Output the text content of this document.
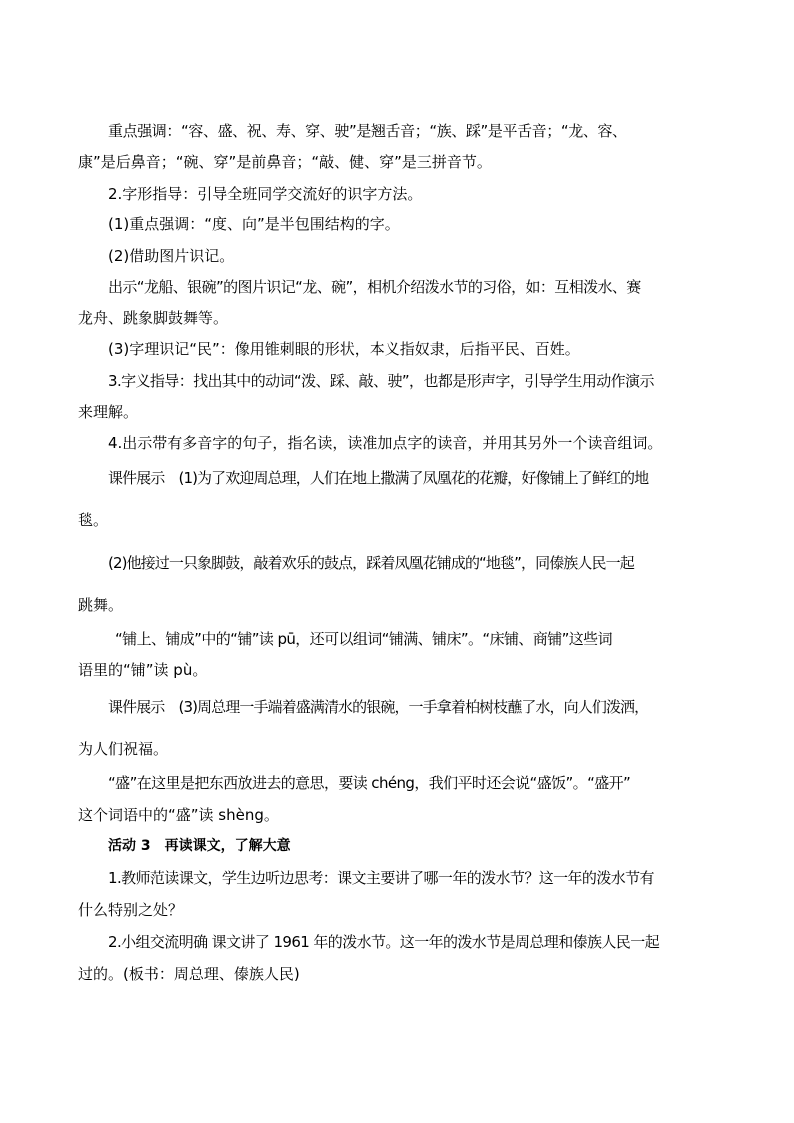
重点强调：“容、盛、祝、寿、穿、驶”是翘舌音；“族、踩”是平舌音；“龙、容、
康”是后鼻音；“碗、穿”是前鼻音；“敲、健、穿”是三拼音节。
2.字形指导：引导全班同学交流好的识字方法。
(1)重点强调：“度、向”是半包围结构的字。
(2)借助图片识记。
出示“龙船、银碗”的图片识记“龙、碗”，相机介绍泼水节的习俗，如：互相泼水、赛
龙舟、跳象脚鼓舞等。
(3)字理识记“民”：像用锥刺眼的形状，本义指奴隶，后指平民、百姓。
3.字义指导：找出其中的动词“泼、踩、敲、驶”，也都是形声字，引导学生用动作演示
来理解。
4.出示带有多音字的句子，指名读，读准加点字的读音，并用其另外一个读音组词。
课件展示　(1)为了欢迎周总理，人们在地上撒满了凤凰花的花瓣，好像铺上了鲜红的地
毯。
(2)他接过一只象脚鼓，敲着欢乐的鼓点，踩着凤凰花铺成的“地毯”，同傣族人民一起
跳舞。
“铺上、铺成”中的“铺”读 pū，还可以组词“铺满、铺床”。“床铺、商铺”这些词
语里的“铺”读 pù。
课件展示　(3)周总理一手端着盛满清水的银碗，一手拿着柏树枝蘸了水，向人们泼洒，
为人们祝福。
“盛”在这里是把东西放进去的意思，要读 chéng，我们平时还会说“盛饭”。“盛开”
这个词语中的“盛”读 shèng。
活动 3　再读课文，了解大意
1.教师范读课文，学生边听边思考：课文主要讲了哪一年的泼水节？这一年的泼水节有
什么特别之处？
2.小组交流明确 课文讲了 1961 年的泼水节。这一年的泼水节是周总理和傣族人民一起
过的。(板书：周总理、傣族人民)
